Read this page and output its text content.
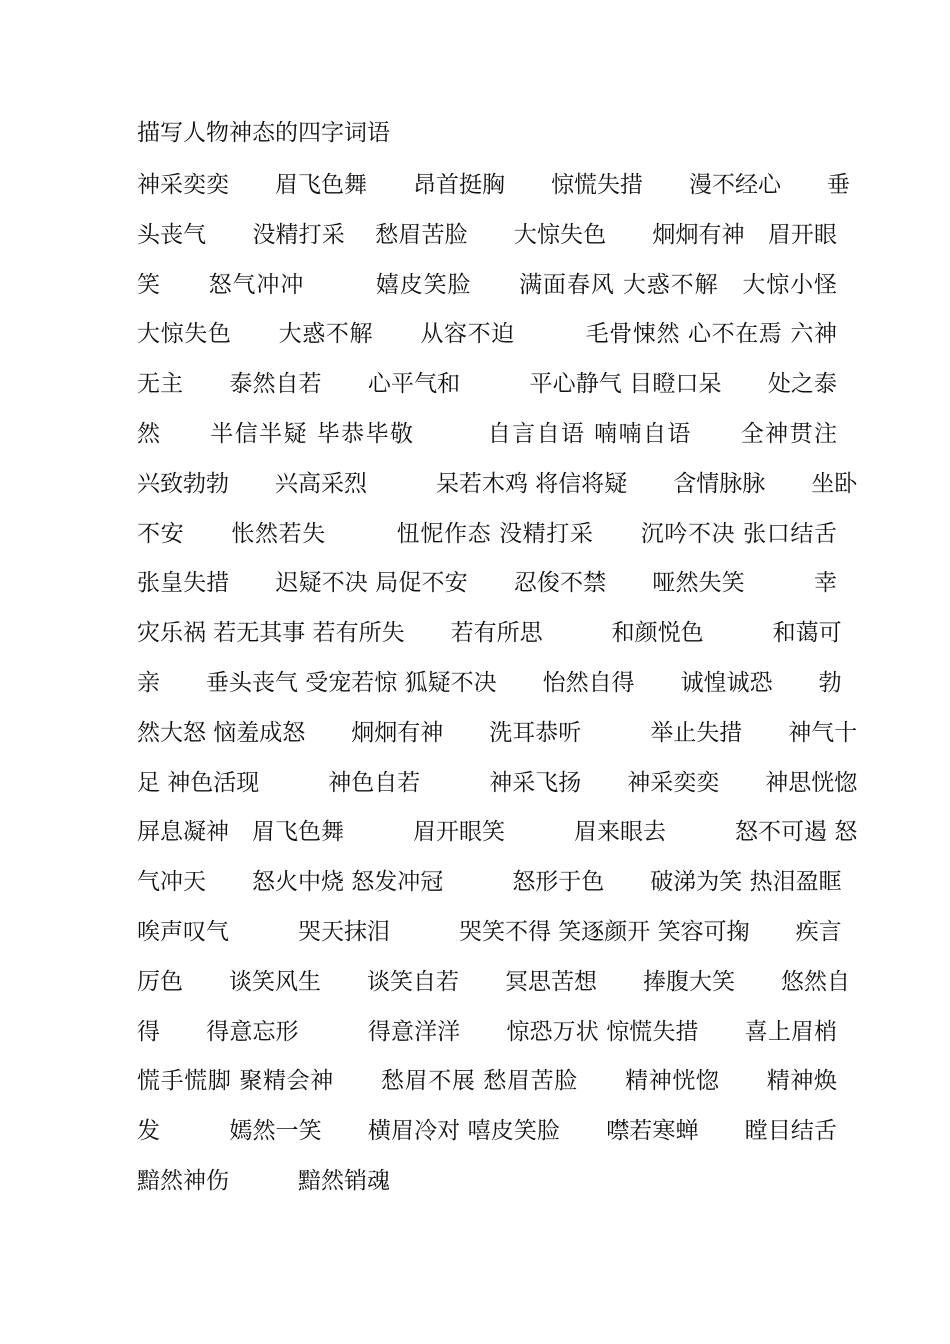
描写人物神态的四字词语
神采奕奕　　眉飞色舞　　昂首挺胸　　惊慌失措　　漫不经心　　垂
头丧气　　没精打采　 愁眉苦脸　　大惊失色　　炯炯有神　眉开眼
笑　　怒气冲冲　　　嬉皮笑脸　　满面春风 大惑不解　大惊小怪
大惊失色　　大惑不解　　从容不迫　　　毛骨悚然 心不在焉 六神
无主　　泰然自若　　心平气和　　　平心静气 目瞪口呆　　处之泰
然　　半信半疑 毕恭毕敬　　　自言自语 喃喃自语　　全神贯注
兴致勃勃　　兴高采烈　　　呆若木鸡 将信将疑　　含情脉脉　　坐卧
不安　　怅然若失　　　忸怩作态 没精打采　　沉吟不决 张口结舌
张皇失措　　迟疑不决 局促不安　　忍俊不禁　　哑然失笑　　　幸
灾乐祸 若无其事 若有所失　　若有所思　　　和颜悦色　　　和蔼可
亲　　垂头丧气 受宠若惊 狐疑不决　　怡然自得　　诚惶诚恐　　勃
然大怒 恼羞成怒　　炯炯有神　　洗耳恭听　　　举止失措　　神气十
足 神色活现　　　神色自若　　　神采飞扬　　神采奕奕　　神思恍惚
屏息凝神　眉飞色舞　　　眉开眼笑　　　眉来眼去　　　怒不可遏 怒
气冲天　　怒火中烧 怒发冲冠　　　怒形于色　　破涕为笑 热泪盈眶
唉声叹气　　　哭天抹泪　　　哭笑不得 笑逐颜开 笑容可掬　　疾言
厉色　　谈笑风生　　谈笑自若　　冥思苦想　　捧腹大笑　　悠然自
得　　得意忘形　　　得意洋洋　　惊恐万状 惊慌失措　　喜上眉梢
慌手慌脚 聚精会神　　愁眉不展 愁眉苦脸　　精神恍惚　　精神焕
发　　　嫣然一笑　　横眉冷对 嘻皮笑脸　　噤若寒蝉　　瞠目结舌
黯然神伤　　　黯然销魂
